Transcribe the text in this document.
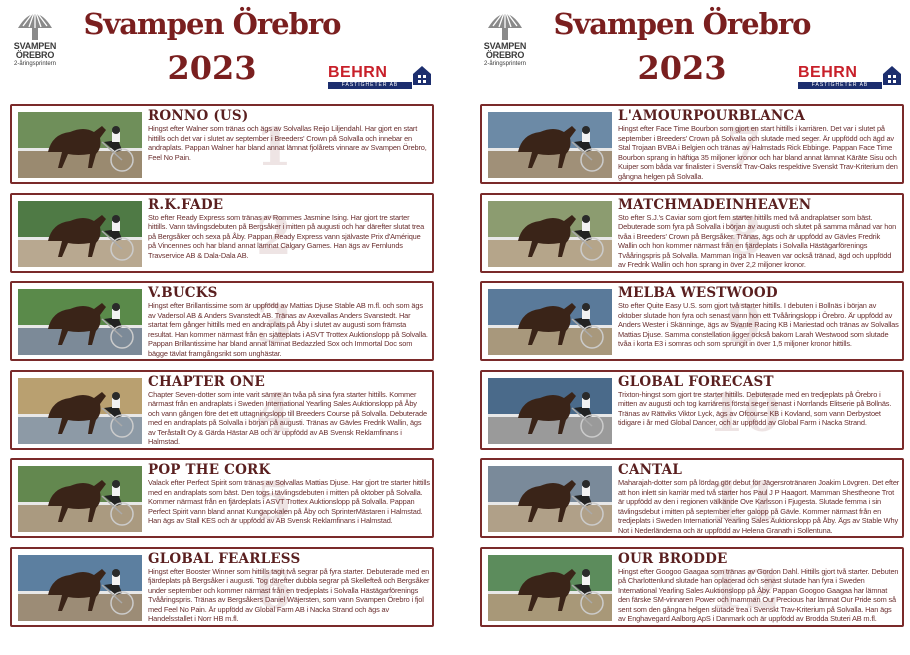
SVAMPEN
ÖREBRO
2-åringsprintern
Svampen Örebro
2023	BEHRN
FASTIGHETER AB
1
RONNO (US)
Hingst efter Walner som tränas och ägs av Solvallas Reijo Liljendahl. Har gjort en start hittills och det var i slutet av september i Breeders' Crown på Solvalla och innebar en andraplats. Pappan Walner har bland annat lämnat fjolårets vinnare av Svampen Örebro, Feel No Pain.
2
R.K.FADE
Sto efter Ready Express som tränas av Rommes Jasmine Ising. Har gjort tre starter hittills. Vann tävlingsdebuten på Bergsåker i mitten på augusti och har därefter slutat trea på Bergsåker och sexa på Åby. Pappan Ready Express vann självaste Prix d'Amérique på Vincennes och har bland annat lämnat Calgary Games. Han ägs av Fernlunds Travservice AB & Dala-Dala AB.
3
V.BUCKS
Hingst efter Brillantissime som är uppfödd av Mattias Djuse Stable AB m.fl. och som ägs av Vadersol AB & Anders Svanstedt AB. Tränas av Axevallas Anders Svanstedt. Har startat fem gånger hittills med en andraplats på Åby i slutet av augusti som främsta resultat. Han kommer närmast från en sjätteplats i ASVT Trottex Auktionslopp på Solvalla. Pappan Brillantissime har bland annat lämnat Bedazzled Sox och Immortal Doc som bägge tävlat framgångsrikt som unghästar.
4
CHAPTER ONE
Chapter Seven-dotter som inte varit sämre än tvåa på sina fyra starter hittills. Kommer närmast från en andraplats i Sweden International Yearling Sales Auktionslopp på Åby och vann gången före det ett uttagningslopp till Breeders Course på Solvalla. Debuterade med en andraplats på Solvalla i början på augusti. Tränas av Gävles Fredrik Wallin, ägs av Teråstallt Oy & Gärda Hästar AB och är uppfödd av AB Svensk Reklamfinans i Halmstad.
5
POP THE CORK
Valack efter Perfect Spirit som tränas av Solvallas Mattias Djuse. Har gjort tre starter hittills med en andraplats som bäst. Den togs i tävlingsdebuten i mitten på oktober på Solvalla. Kommer närmast från en fjärdeplats i ASVT Trottex Auktionslopp på Solvalla. Pappan Perfect Spirit vann bland annat Kungapokalen på Åby och SprinterMästaren i Halmstad. Han ägs av Stall KES och är uppfödd av AB Svensk Reklamfinans i Halmstad.
6
GLOBAL FEARLESS
Hingst efter Booster Winner som hittills tagit två segrar på fyra starter. Debuterade med en fjärdeplats på Bergsåker i augusti. Tog därefter dubbla segrar på Skellefteå och Bergsåker under september och kommer närmast från en tredjeplats i Solvalla Hästägarförenings Tvååringspris. Tränas av Bergsåkers Daniel Wäjersten, som vann Svampen Örebro i fjol med Feel No Pain. Är uppfödd av Global Farm AB i Nacka Strand och ägs av Handelsstallet i Norr HB m.fl.
SVAMPEN
ÖREBRO
2-åringsprintern
Svampen Örebro
2023	BEHRN
FASTIGHETER AB
7
L'AMOURPOURBLANCA
Hingst efter Face Time Bourbon som gjort en start hittills i karriären. Det var i slutet på september i Breeders' Crown på Solvalla och slutade med seger. Är uppfödd och ägd av Stal Trojaan BVBA i Belgien och tränas av Halmstads Rick Ebbinge. Pappan Face Time Bourbon sprang in häftiga 35 miljoner kronor och har bland annat lämnat Kārāte Sisu och Kuiper som båda var finalister i Svenskt Trav-Oaks respektive Svenskt Trav-Kriterium den gångna helgen på Solvalla.
8
MATCHMADEINHEAVEN
Sto efter S.J.'s Caviar som gjort fem starter hittills med två andraplatser som bäst. Debuterade som fyra på Solvalla i början av augusti och slutet på samma månad var hon tvåa i Breeders' Crown på Bergsåker. Tränas, ägs och är uppfödd av Gävles Fredrik Wallin och hon kommer närmast från en fjärdeplats i Solvalla Hästägarförenings Tvååringspris på Solvalla. Mamman Inga In Heaven var också tränad, ägd och uppfödd av Fredrik Wallin och hon sprang in över 2,2 miljoner kronor.
9
MELBA WESTWOOD
Sto efter Quite Easy U.S. som gjort två starter hittills. I debuten i Bollnäs i början av oktober slutade hon fyra och senast vann hon ett Tvååringslopp i Örebro. Är uppfödd av Anders Wester i Skänninge, ägs av Svante Racing KB i Mariestad och tränas av Solvallas Mattias Djuse. Samma constellation ligger också bakom Larah Westwood som slutade tvåa i korta E3 i somras och som sprungit in över 1,5 miljoner kronor hittills.
10
GLOBAL FORECAST
Trixton-hingst som gjort tre starter hittills. Debuterade med en tredjeplats på Örebro i mitten av augusti och tog karriärens första seger senast i Norrlands Elitserie på Bollnäs. Tränas av Rättviks Viktor Lyck, ägs av Ofcourse KB i Kovland, som vann Derbystoet tidigare i år med Global Dancer, och är uppfödd av Global Farm i Nacka Strand.
11
CANTAL
Maharajah-dotter som på lördag gör debut för Jägersrotränaren Joakim Lövgren. Det efter att hon inlett sin karriär med två starter hos Paul J P Haagort. Mamman Shestheone Trot är uppfödd av den i regionen välkände Ove Karlsson i Fjugesta. Slutade femma i sin tävlingsdebut i mitten på september efter galopp på Gävle. Kommer närmast från en tredjeplats i Sweden International Yearling Sales Auktionslopp på Åby. Ägs av Stable Why Not i Nederländerna och är uppfödd av Helena Granath i Sollentuna.
12
OUR BRODDE
Hingst efter Googoo Gaagaa som tränas av Gordon Dahl. Hittills gjort två starter. Debuten på Charlottenlund slutade han oplacerad och senast slutade han fyra i Sweden International Yearling Sales Auktionslopp på Åby. Pappan Googoo Gaagaa har lämnat den färske SM-vinnaren Power och mamman Our Precious har lämnat Our Pride som så sent som den gångna helgen slutade trea i Svenskt Trav-Kriterium på Solvalla. Han ägs av Enghavegard Aalborg ApS i Danmark och är uppfödd av Brodda Stuteri AB m.fl.
